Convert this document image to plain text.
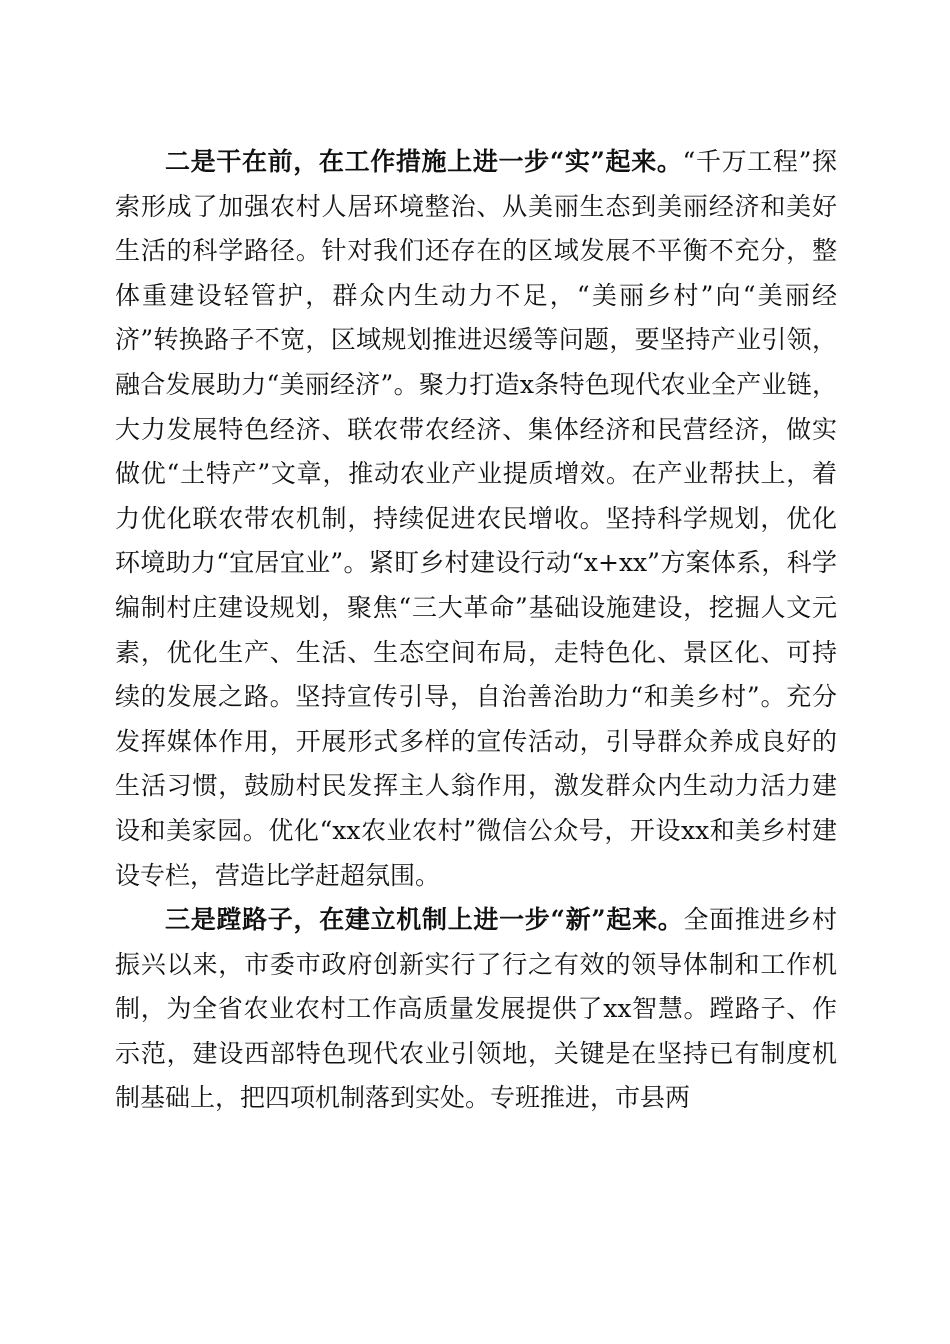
二是干在前，在工作措施上进一步“实”起来。“千万工程”探索形成了加强农村人居环境整治、从美丽生态到美丽经济和美好生活的科学路径。针对我们还存在的区域发展不平衡不充分，整体重建设轻管护，群众内生动力不足，“美丽乡村”向“美丽经济”转换路子不宽，区域规划推进迟缓等问题，要坚持产业引领，融合发展助力“美丽经济”。聚力打造x条特色现代农业全产业链，大力发展特色经济、联农带农经济、集体经济和民营经济，做实做优“土特产”文章，推动农业产业提质增效。在产业帮扶上，着力优化联农带农机制，持续促进农民增收。坚持科学规划，优化环境助力“宜居宜业”。紧盯乡村建设行动“x+xx”方案体系，科学编制村庄建设规划，聚焦“三大革命”基础设施建设，挖掘人文元素，优化生产、生活、生态空间布局，走特色化、景区化、可持续的发展之路。坚持宣传引导，自治善治助力“和美乡村”。充分发挥媒体作用，开展形式多样的宣传活动，引导群众养成良好的生活习惯，鼓励村民发挥主人翁作用，激发群众内生动力活力建设和美家园。优化“xx农业农村”微信公众号，开设xx和美乡村建设专栏，营造比学赶超氛围。

三是蹚路子，在建立机制上进一步“新”起来。全面推进乡村振兴以来，市委市政府创新实行了行之有效的领导体制和工作机制，为全省农业农村工作高质量发展提供了xx智慧。蹚路子、作示范，建设西部特色现代农业引领地，关键是在坚持已有制度机制基础上，把四项机制落到实处。专班推进，市县两
